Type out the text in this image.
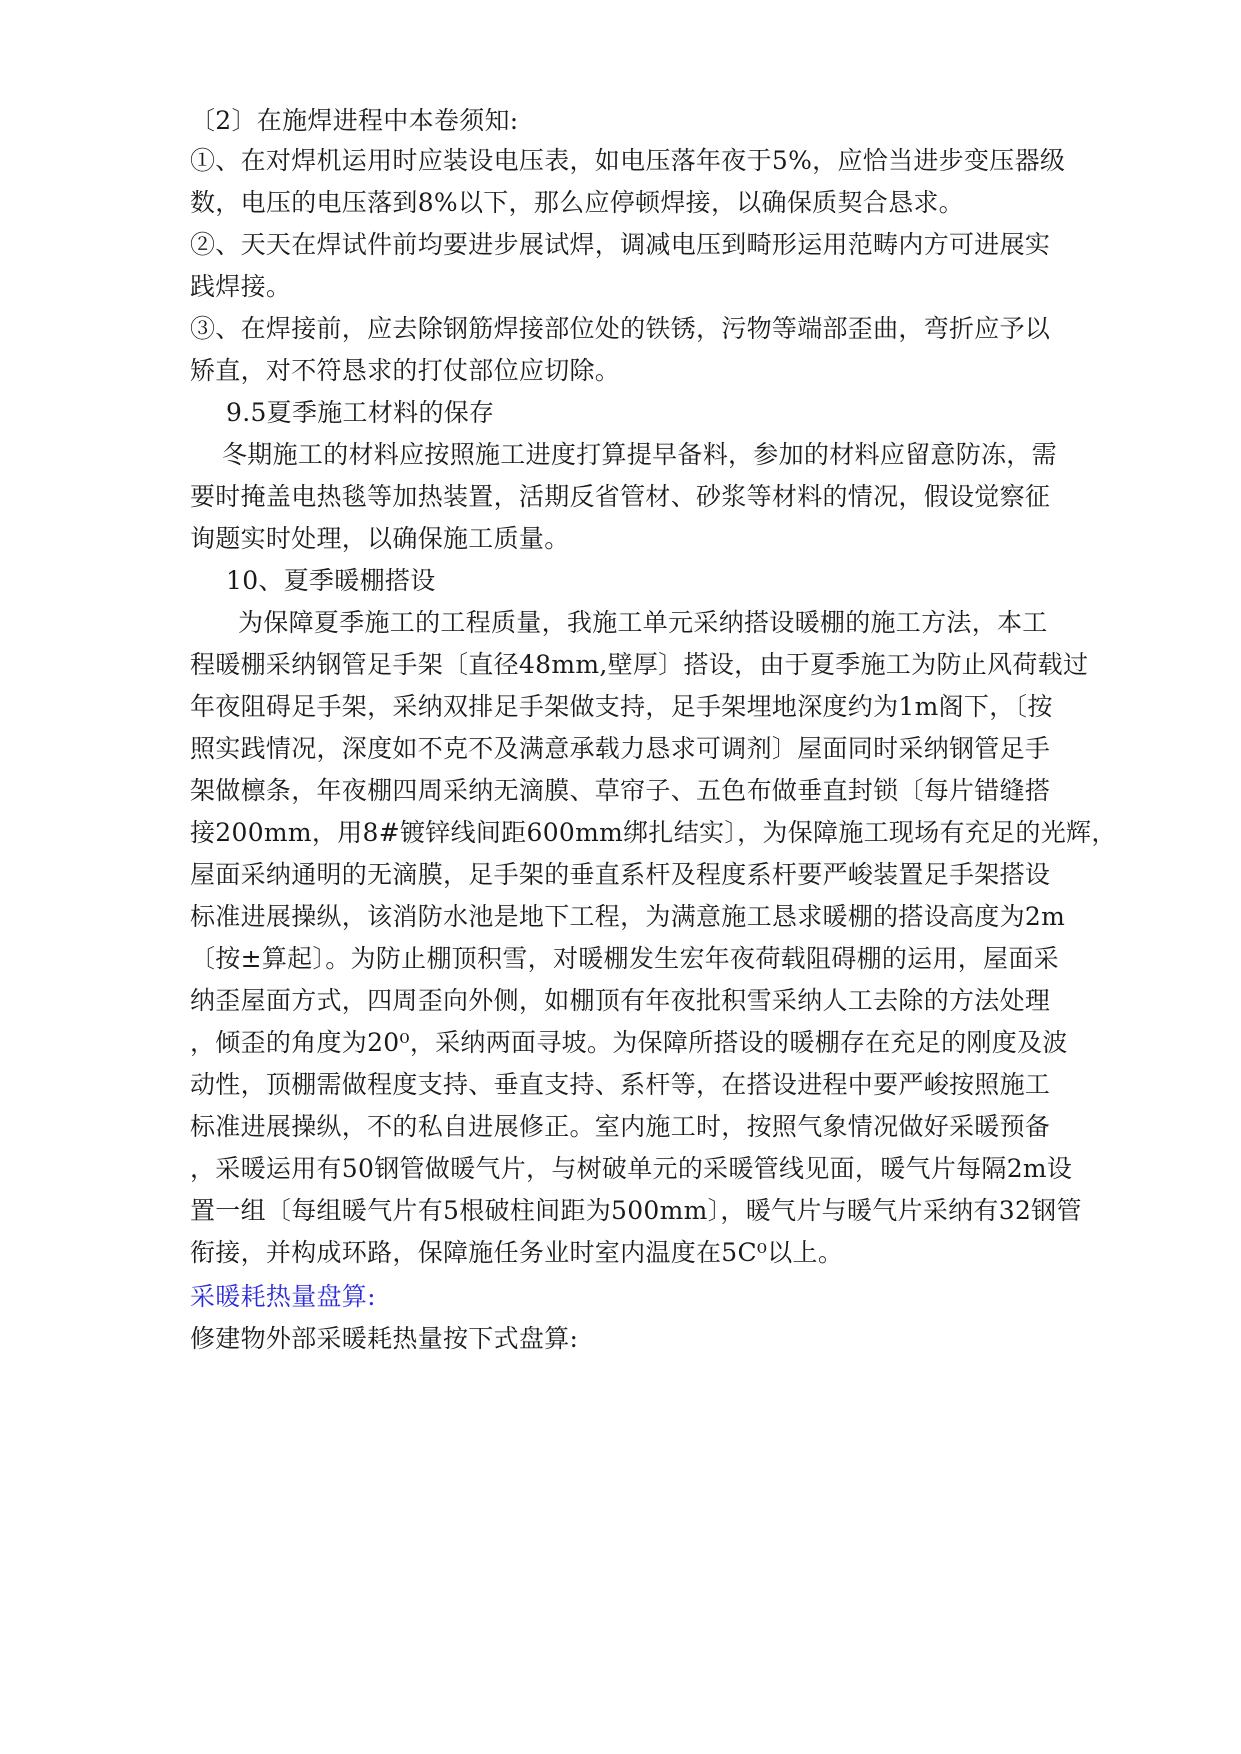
〔2〕在施焊进程中本卷须知:
①、在对焊机运用时应装设电压表，如电压落年夜于5%，应恰当进步变压器级
数，电压的电压落到8%以下，那么应停顿焊接，以确保质契合恳求。
②、天天在焊试件前均要进步展试焊，调减电压到畸形运用范畴内方可进展实
践焊接。
③、在焊接前，应去除钢筋焊接部位处的铁锈，污物等端部歪曲，弯折应予以
矫直，对不符恳求的打仗部位应切除。
9.5夏季施工材料的保存
冬期施工的材料应按照施工进度打算提早备料，参加的材料应留意防冻，需
要时掩盖电热毯等加热装置，活期反省管材、砂浆等材料的情况，假设觉察征
询题实时处理，以确保施工质量。
10、夏季暖棚搭设
为保障夏季施工的工程质量，我施工单元采纳搭设暖棚的施工方法，本工
程暖棚采纳钢管足手架〔直径48mm,壁厚〕搭设，由于夏季施工为防止风荷载过
年夜阻碍足手架，采纳双排足手架做支持，足手架埋地深度约为1m阁下，〔按
照实践情况，深度如不克不及满意承载力恳求可调剂〕屋面同时采纳钢管足手
架做檩条，年夜棚四周采纳无滴膜、草帘子、五色布做垂直封锁〔每片错缝搭
接200mm，用8#镀锌线间距600mm绑扎结实〕，为保障施工现场有充足的光辉，
屋面采纳通明的无滴膜，足手架的垂直系杆及程度系杆要严峻装置足手架搭设
标准进展操纵，该消防水池是地下工程，为满意施工恳求暖棚的搭设高度为2m
〔按±算起〕。为防止棚顶积雪，对暖棚发生宏年夜荷载阻碍棚的运用，屋面采
纳歪屋面方式，四周歪向外侧，如棚顶有年夜批积雪采纳人工去除的方法处理
，倾歪的角度为20⁰，采纳两面寻坡。为保障所搭设的暖棚存在充足的刚度及波
动性，顶棚需做程度支持、垂直支持、系杆等，在搭设进程中要严峻按照施工
标准进展操纵，不的私自进展修正。室内施工时，按照气象情况做好采暖预备
，采暖运用有50钢管做暖气片，与树破单元的采暖管线见面，暖气片每隔2m设
置一组〔每组暖气片有5根破柱间距为500mm〕，暖气片与暖气片采纳有32钢管
衔接，并构成环路，保障施任务业时室内温度在5C⁰以上。
采暖耗热量盘算:
修建物外部采暖耗热量按下式盘算:
